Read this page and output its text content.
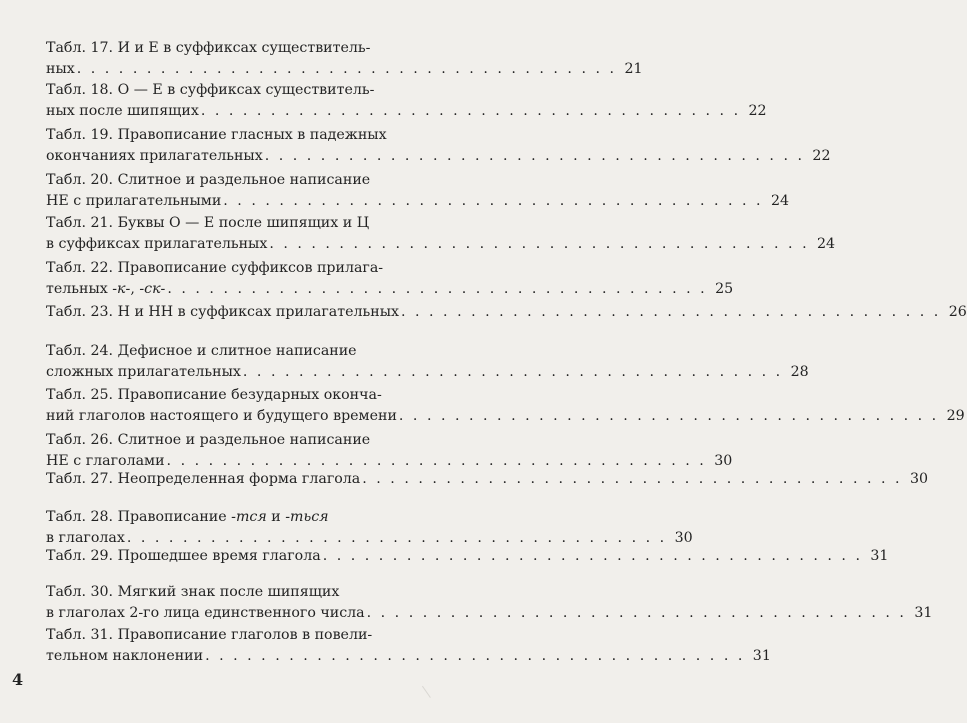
Табл. 17. И и Е в суффиксах существитель-
ных . . . . . . . . . . . . . . . . . . . . . . . . . . . . . . . . . . . . . . . 21
Табл. 18. О — Е в суффиксах существитель-
ных после шипящих . . . . . . . . . . . . . . . . . . . . . . . . . . . . . . . . . . . . . . . 22
Табл. 19. Правописание гласных в падежных
окончаниях прилагательных . . . . . . . . . . . . . . . . . . . . . . . . . . . . . . . . . . . . . . . 22
Табл. 20. Слитное и раздельное написание
НЕ с прилагательными . . . . . . . . . . . . . . . . . . . . . . . . . . . . . . . . . . . . . . . 24
Табл. 21. Буквы О — Е после шипящих и Ц
в суффиксах прилагательных . . . . . . . . . . . . . . . . . . . . . . . . . . . . . . . . . . . . . . . 24
Табл. 22. Правописание суффиксов прилага-
тельных -к-, -ск- . . . . . . . . . . . . . . . . . . . . . . . . . . . . . . . . . . . . . . . 25
Табл. 23. Н и НН в суффиксах прилагательных . . . . . . . . . . . . . . . . . . . . . . . . . . . . . . . . . . . . . . . 26
Табл. 24. Дефисное и слитное написание
сложных прилагательных . . . . . . . . . . . . . . . . . . . . . . . . . . . . . . . . . . . . . . . 28
Табл. 25. Правописание безударных оконча-
ний глаголов настоящего и будущего времени . . . . . . . . . . . . . . . . . . . . . . . . . . . . . . . . . . . . . . . 29
Табл. 26. Слитное и раздельное написание
НЕ с глаголами . . . . . . . . . . . . . . . . . . . . . . . . . . . . . . . . . . . . . . . 30
Табл. 27. Неопределенная форма глагола . . . . . . . . . . . . . . . . . . . . . . . . . . . . . . . . . . . . . . . 30
Табл. 28. Правописание -тся и -ться
в глаголах . . . . . . . . . . . . . . . . . . . . . . . . . . . . . . . . . . . . . . . 30
Табл. 29. Прошедшее время глагола . . . . . . . . . . . . . . . . . . . . . . . . . . . . . . . . . . . . . . . 31
Табл. 30. Мягкий знак после шипящих
в глаголах 2-го лица единственного числа . . . . . . . . . . . . . . . . . . . . . . . . . . . . . . . . . . . . . . . 31
Табл. 31. Правописание глаголов в повели-
тельном наклонении . . . . . . . . . . . . . . . . . . . . . . . . . . . . . . . . . . . . . . . 31
4
